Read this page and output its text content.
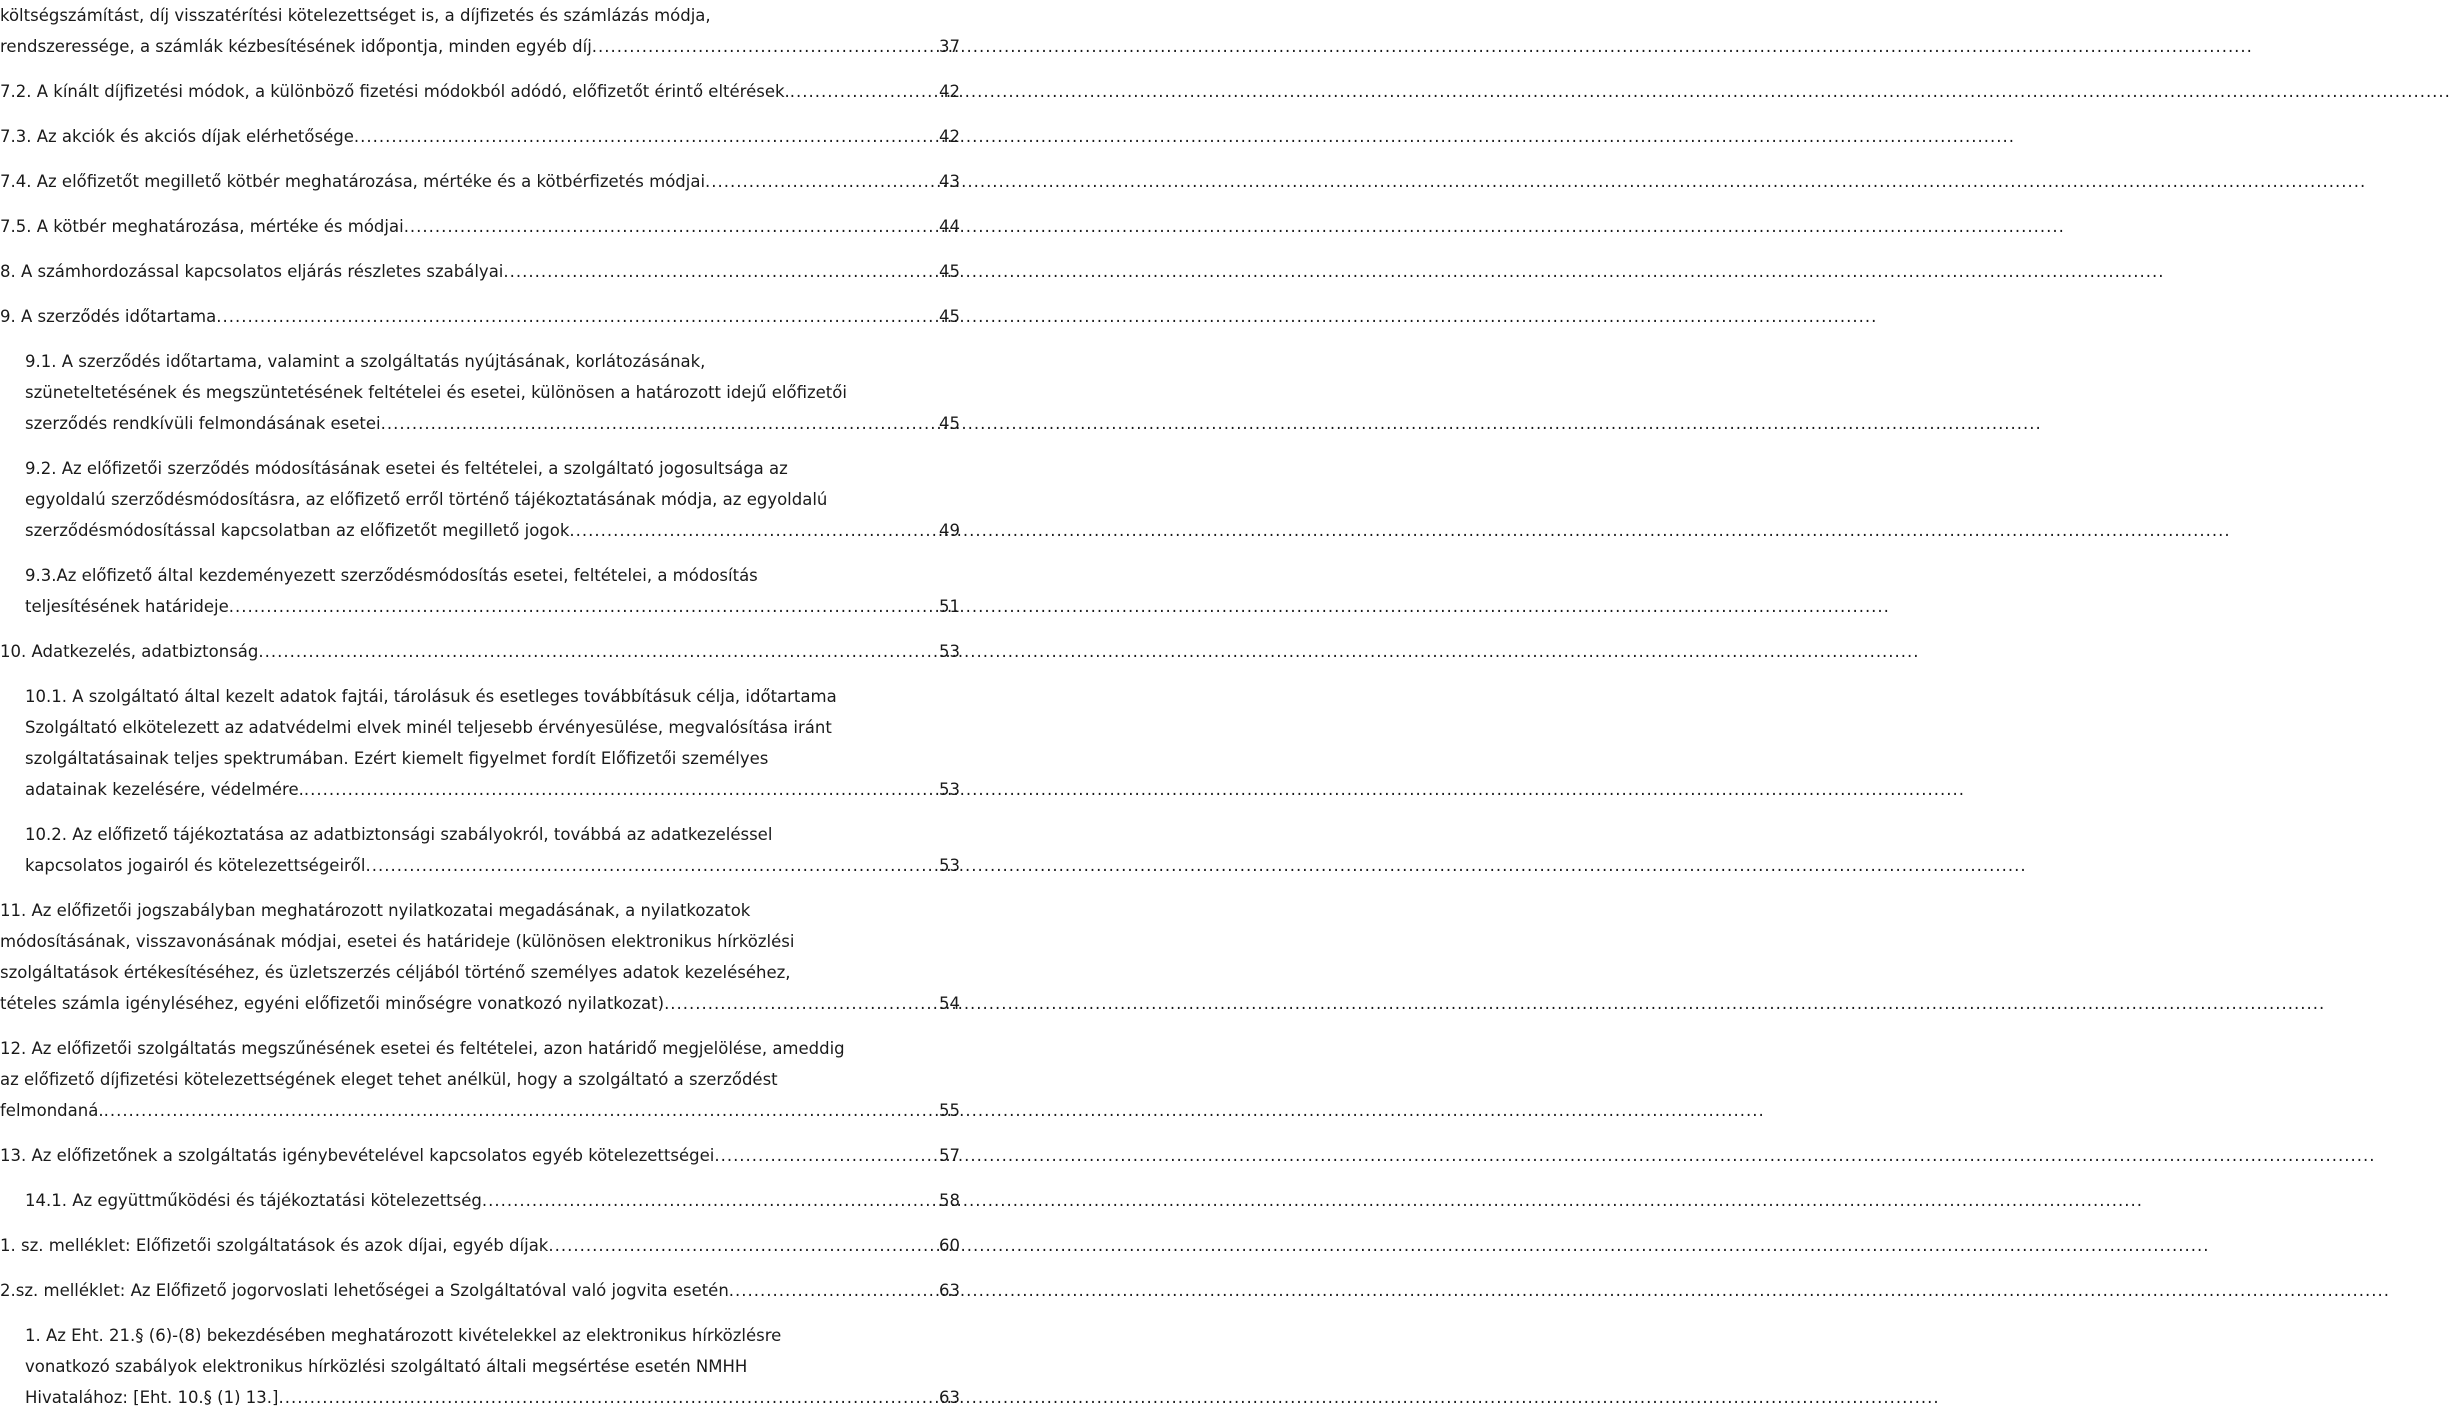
költségszámítást, díj visszatérítési kötelezettséget is, a díjfizetés és számlázás módja,
rendszeressége, a számlák kézbesítésének időpontja, minden egyéb díj .....	37
7.2. A kínált díjfizetési módok, a különböző fizetési módokból adódó, előfizetőt érintő eltérések. .....	42
7.3. Az akciók és akciós díjak elérhetősége .....	42
7.4. Az előfizetőt megillető kötbér meghatározása, mértéke és a kötbérfizetés módjai .....	43
7.5. A kötbér meghatározása, mértéke és módjai .....	44
8. A számhordozással kapcsolatos eljárás részletes szabályai .....	45
9. A szerződés időtartama .....	45
9.1. A szerződés időtartama, valamint a szolgáltatás nyújtásának, korlátozásának,
szüneteltetésének és megszüntetésének feltételei és esetei, különösen a határozott idejű előfizetői
szerződés rendkívüli felmondásának esetei .....	45
9.2. Az előfizetői szerződés módosításának esetei és feltételei, a szolgáltató jogosultsága az
egyoldalú szerződésmódosításra, az előfizető erről történő tájékoztatásának módja, az egyoldalú
szerződésmódosítással kapcsolatban az előfizetőt megillető jogok .....	49
9.3.Az előfizető által kezdeményezett szerződésmódosítás esetei, feltételei, a módosítás
teljesítésének határideje .....	51
10. Adatkezelés, adatbiztonság .....	53
10.1. A szolgáltató által kezelt adatok fajtái, tárolásuk és esetleges továbbításuk célja, időtartama
Szolgáltató elkötelezett az adatvédelmi elvek minél teljesebb érvényesülése, megvalósítása iránt
szolgáltatásainak teljes spektrumában. Ezért kiemelt figyelmet fordít Előfizetői személyes
adatainak kezelésére, védelmére. .....	53
10.2. Az előfizető tájékoztatása az adatbiztonsági szabályokról, továbbá az adatkezeléssel
kapcsolatos jogairól és kötelezettségeiről .....	53
11. Az előfizetői jogszabályban meghatározott nyilatkozatai megadásának, a nyilatkozatok
módosításának, visszavonásának módjai, esetei és határideje (különösen elektronikus hírközlési
szolgáltatások értékesítéséhez, és üzletszerzés céljából történő személyes adatok kezeléséhez,
tételes számla igényléséhez, egyéni előfizetői minőségre vonatkozó nyilatkozat) .....	54
12. Az előfizetői szolgáltatás megszűnésének esetei és feltételei, azon határidő megjelölése, ameddig
az előfizető díjfizetési kötelezettségének eleget tehet anélkül, hogy a szolgáltató a szerződést
felmondaná. .....	55
13. Az előfizetőnek a szolgáltatás igénybevételével kapcsolatos egyéb kötelezettségei .....	57
14.1. Az együttműködési és tájékoztatási kötelezettség .....	58
1. sz. melléklet: Előfizetői szolgáltatások és azok díjai, egyéb díjak .....	60
2.sz. melléklet: Az Előfizető jogorvoslati lehetőségei a Szolgáltatóval való jogvita esetén .....	63
1. Az Eht. 21.§ (6)-(8) bekezdésében meghatározott kivételekkel az elektronikus hírközlésre
vonatkozó szabályok elektronikus hírközlési szolgáltató általi megsértése esetén NMHH
Hivatalához: [Eht. 10.§ (1) 13.] .....	63
